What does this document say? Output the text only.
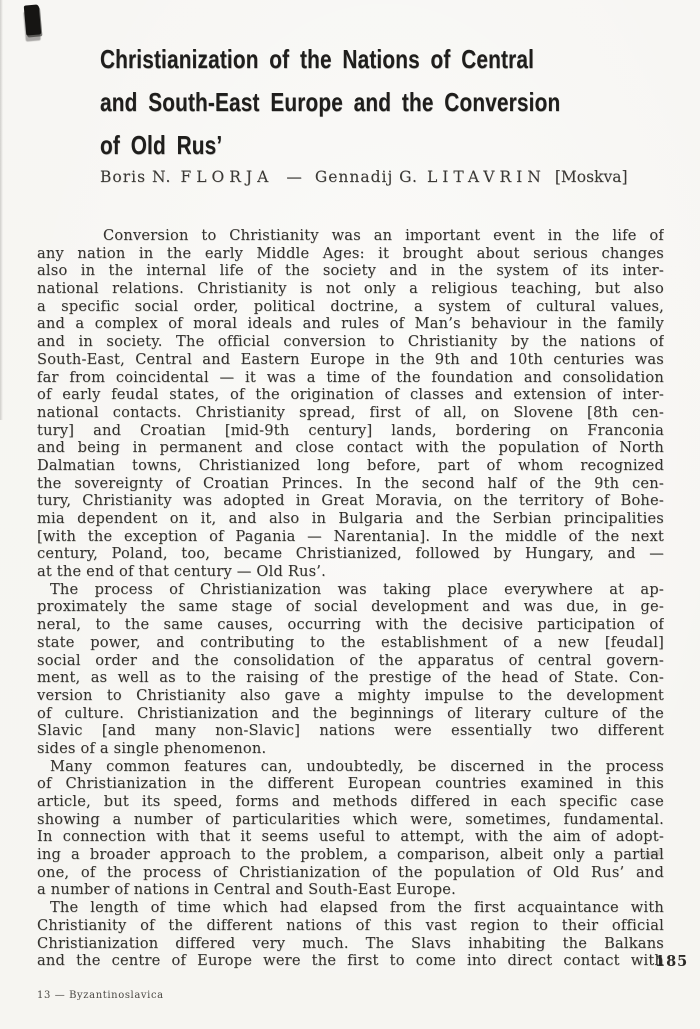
Christianization of the Nations of Central
and South-East Europe and the Conversion
of Old Rus’
Boris N. FLORJA — Gennadij G. LITAVRIN [Moskva]
Conversion to Christianity was an important event in the life of
any nation in the early Middle Ages: it brought about serious changes
also in the internal life of the society and in the system of its inter-
national relations. Christianity is not only a religious teaching, but also
a specific social order, political doctrine, a system of cultural values,
and a complex of moral ideals and rules of Man’s behaviour in the family
and in society. The official conversion to Christianity by the nations of
South-East, Central and Eastern Europe in the 9th and 10th centuries was
far from coincidental — it was a time of the foundation and consolidation
of early feudal states, of the origination of classes and extension of inter-
national contacts. Christianity spread, first of all, on Slovene [8th cen-
tury] and Croatian [mid-9th century] lands, bordering on Franconia
and being in permanent and close contact with the population of North
Dalmatian towns, Christianized long before, part of whom recognized
the sovereignty of Croatian Princes. In the second half of the 9th cen-
tury, Christianity was adopted in Great Moravia, on the territory of Bohe-
mia dependent on it, and also in Bulgaria and the Serbian principalities
[with the exception of Pagania — Narentania]. In the middle of the next
century, Poland, too, became Christianized, followed by Hungary, and —
at the end of that century — Old Rus’.
The process of Christianization was taking place everywhere at ap-
proximately the same stage of social development and was due, in ge-
neral, to the same causes, occurring with the decisive participation of
state power, and contributing to the establishment of a new [feudal]
social order and the consolidation of the apparatus of central govern-
ment, as well as to the raising of the prestige of the head of State. Con-
version to Christianity also gave a mighty impulse to the development
of culture. Christianization and the beginnings of literary culture of the
Slavic [and many non-Slavic] nations were essentially two different
sides of a single phenomenon.
Many common features can, undoubtedly, be discerned in the process
of Christianization in the different European countries examined in this
article, but its speed, forms and methods differed in each specific case
showing a number of particularities which were, sometimes, fundamental.
In connection with that it seems useful to attempt, with the aim of adopt-
ing a broader approach to the problem, a comparison, albeit only a partial
one, of the process of Christianization of the population of Old Rus’ and
a number of nations in Central and South-East Europe.
The length of time which had elapsed from the first acquaintance with
Christianity of the different nations of this vast region to their official
Christianization differed very much. The Slavs inhabiting the Balkans
and the centre of Europe were the first to come into direct contact with
185
13 — Byzantinoslavica
